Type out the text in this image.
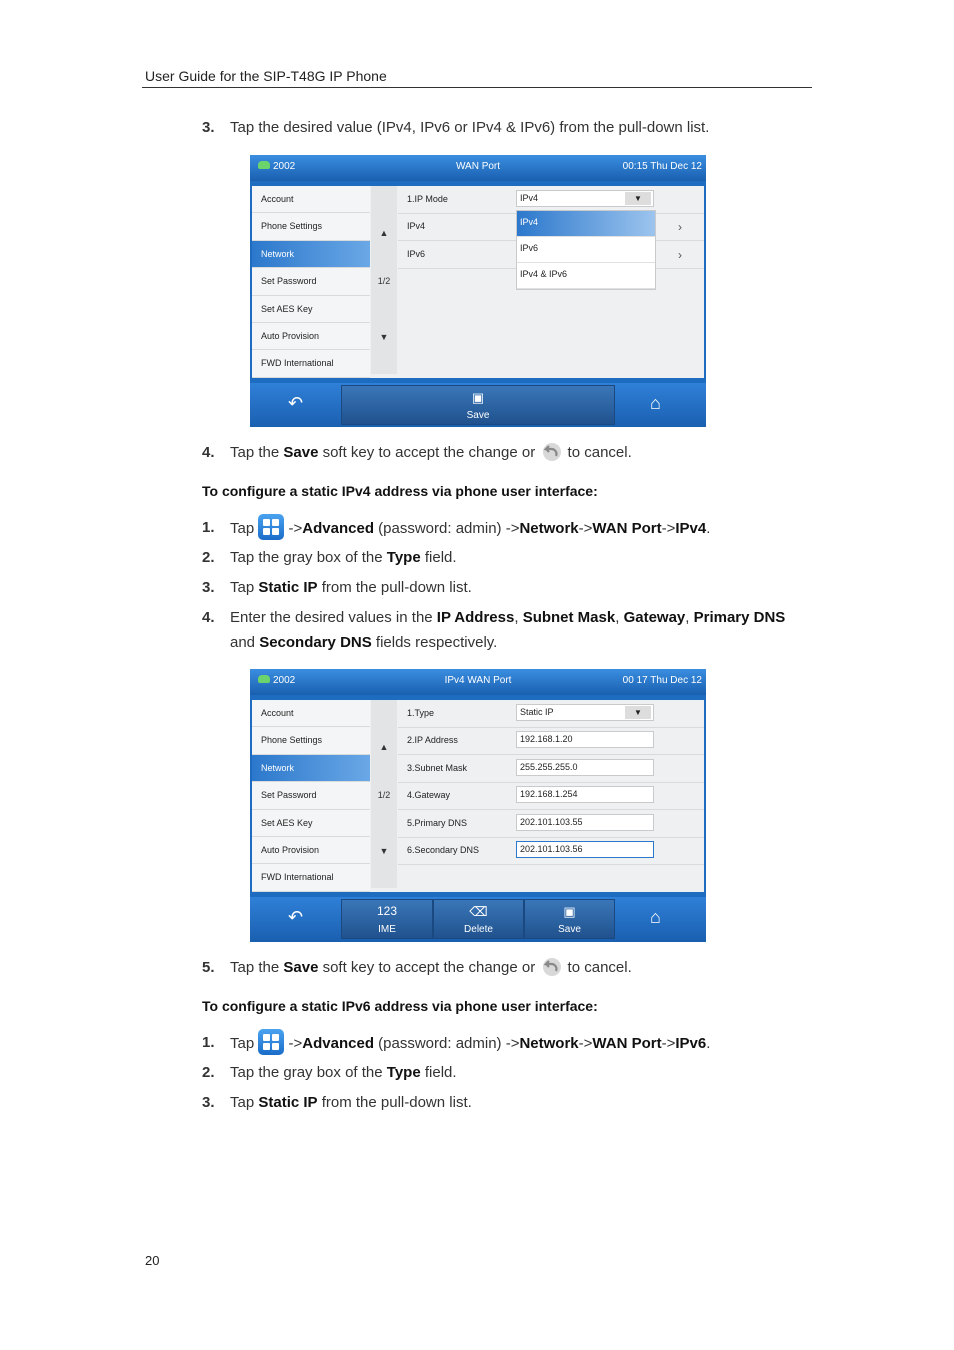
User Guide for the SIP-T48G IP Phone
3. Tap the desired value (IPv4, IPv6 or IPv4 & IPv6) from the pull-down list.
2002	WAN Port	00:15 Thu Dec 12
Account
Phone Settings
Network
Set Password
Set AES Key
Auto Provision
FWD International
▲
1/2
▼
1.IP Mode	IPv4	▼
IPv4	›
IPv6	›
IPv4
IPv6
IPv4 & IPv6
↶	▣
Save
⌂
4. Tap the Save soft key to accept the change or  to cancel.
To configure a static IPv4 address via phone user interface:
1. Tap
->Advanced (password: admin) ->Network->WAN Port->IPv4.
2. Tap the gray box of the Type field.
3. Tap Static IP from the pull-down list.
4. Enter the desired values in the IP Address, Subnet Mask, Gateway, Primary DNS
and Secondary DNS fields respectively.
2002	IPv4 WAN Port	00 17 Thu Dec 12
Account
Phone Settings
Network
Set Password
Set AES Key
Auto Provision
FWD International
▲
1/2
▼
1.Type	Static IP	▼
2.IP Address	192.168.1.20
3.Subnet Mask	255.255.255.0
4.Gateway	192.168.1.254
5.Primary DNS	202.101.103.55
6.Secondary DNS	202.101.103.56
↶	123
IME
⌫
Delete
▣
Save
⌂
5. Tap the Save soft key to accept the change or  to cancel.
To configure a static IPv6 address via phone user interface:
1. Tap
->Advanced (password: admin) ->Network->WAN Port->IPv6.
2. Tap the gray box of the Type field.
3. Tap Static IP from the pull-down list.
20
